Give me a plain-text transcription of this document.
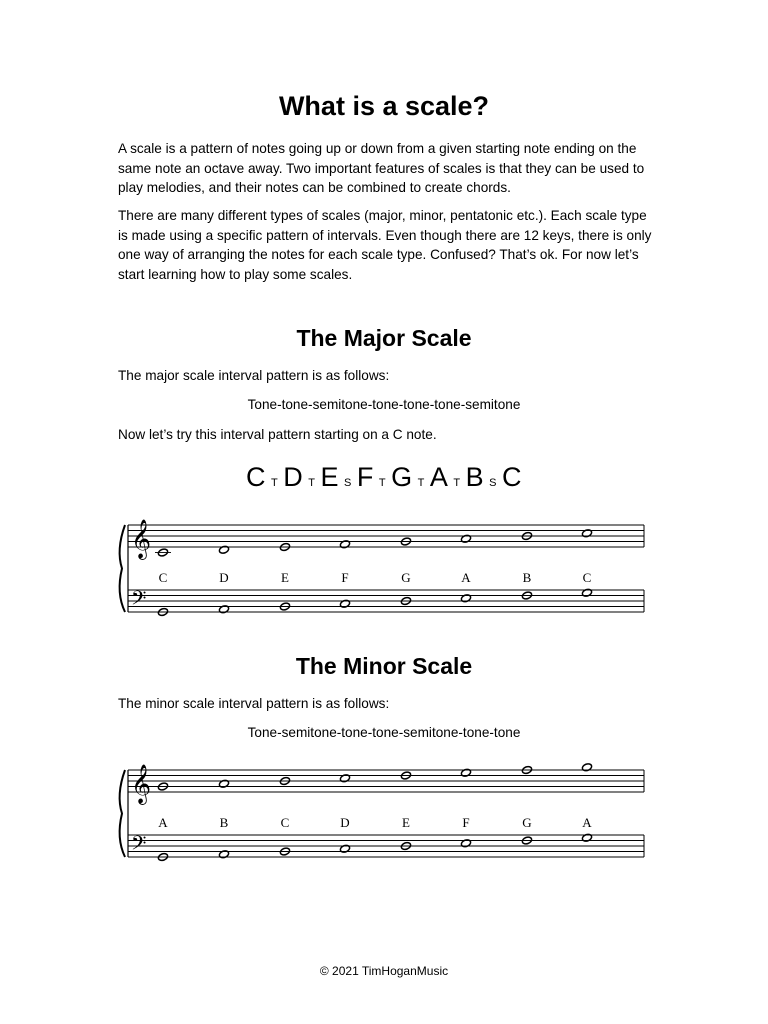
What is a scale?
A scale is a pattern of notes going up or down from a given starting note ending on the same note an octave away. Two important features of scales is that they can be used to play melodies, and their notes can be combined to create chords.
There are many different types of scales (major, minor, pentatonic etc.). Each scale type is made using a specific pattern of intervals. Even though there are 12 keys, there is only one way of arranging the notes for each scale type. Confused? That’s ok. For now let’s start learning how to play some scales.
The Major Scale
The major scale interval pattern is as follows:
Tone-tone-semitone-tone-tone-tone-semitone
Now let’s try this interval pattern starting on a C note.
C T D T E S F T G T A T B S C
𝄞
𝄢
C	D	E	F	G	A	B	C
The Minor Scale
The minor scale interval pattern is as follows:
Tone-semitone-tone-tone-semitone-tone-tone
𝄞
𝄢
A	B	C	D	E	F	G	A
© 2021 TimHoganMusic
